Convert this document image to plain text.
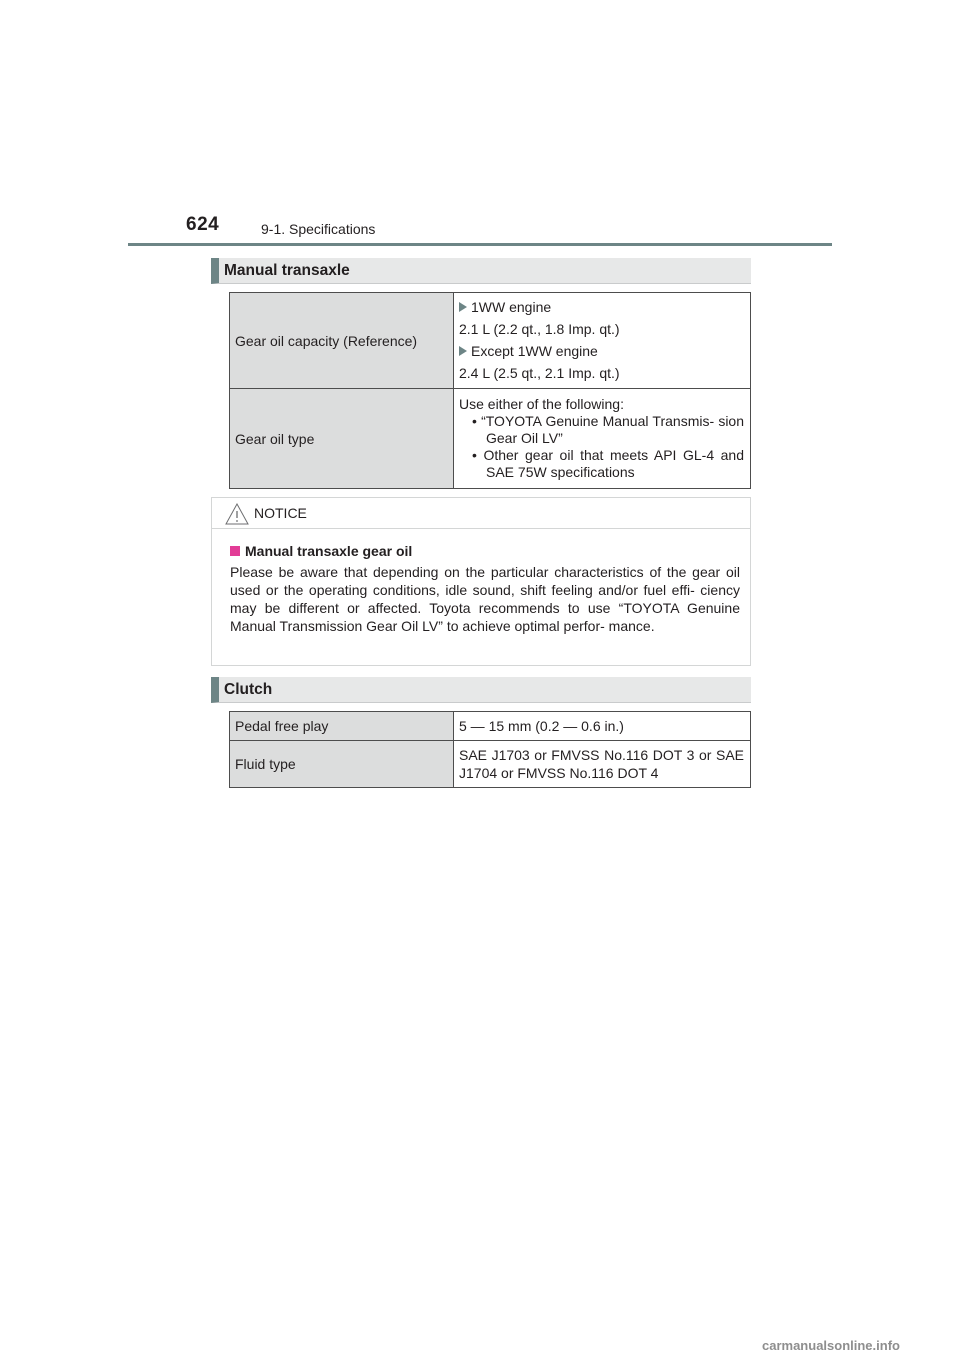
624	9-1. Specifications
Manual transaxle
Gear oil capacity (Reference)	1WW engine
2.1 L (2.2 qt., 1.8 Imp. qt.)
Except 1WW engine
2.4 L (2.5 qt., 2.1 Imp. qt.)

Gear oil type	Use either of the following:
• “TOYOTA Genuine Manual Transmis- sion Gear Oil LV”
• Other gear oil that meets API GL-4 and SAE 75W specifications
NOTICE
Manual transaxle gear oil
Please be aware that depending on the particular characteristics of the gear oil used or the operating conditions, idle sound, shift feeling and/or fuel effi- ciency may be different or affected. Toyota recommends to use “TOYOTA Genuine Manual Transmission Gear Oil LV” to achieve optimal perfor- mance.
Clutch
Pedal free play	5 — 15 mm (0.2 — 0.6 in.)
Fluid type	SAE J1703 or FMVSS No.116 DOT 3 or SAE J1704 or FMVSS No.116 DOT 4
carmanualsonline.info
